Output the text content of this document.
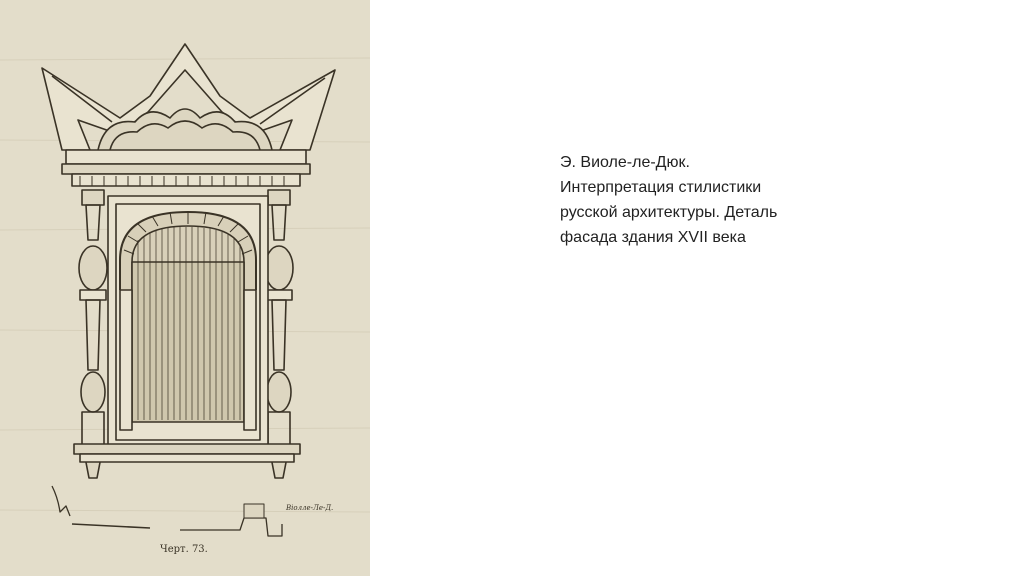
Вiоллe-Ле-Д.
Черт. 73.
Э. Виоле-ле-Дюк.
Интерпретация стилистики
русской архитектуры. Деталь
фасада здания XVII века
